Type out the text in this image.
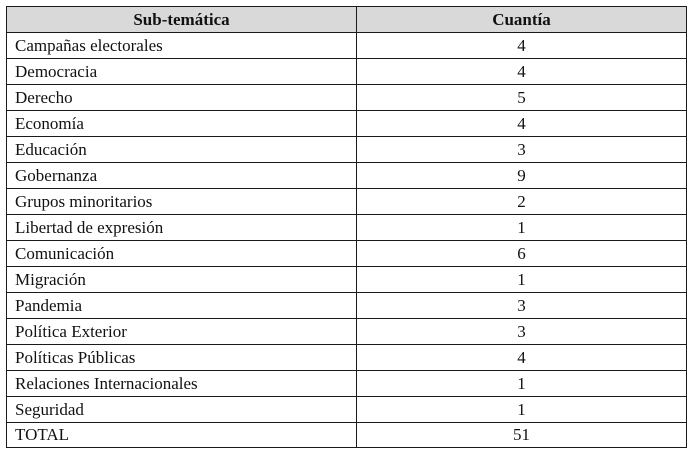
Sub-temática	Cuantía
Campañas electorales	4
Democracia	4
Derecho	5
Economía	4
Educación	3
Gobernanza	9
Grupos minoritarios	2
Libertad de expresión	1
Comunicación	6
Migración	1
Pandemia	3
Política Exterior	3
Políticas Públicas	4
Relaciones Internacionales	1
Seguridad	1
TOTAL	51
